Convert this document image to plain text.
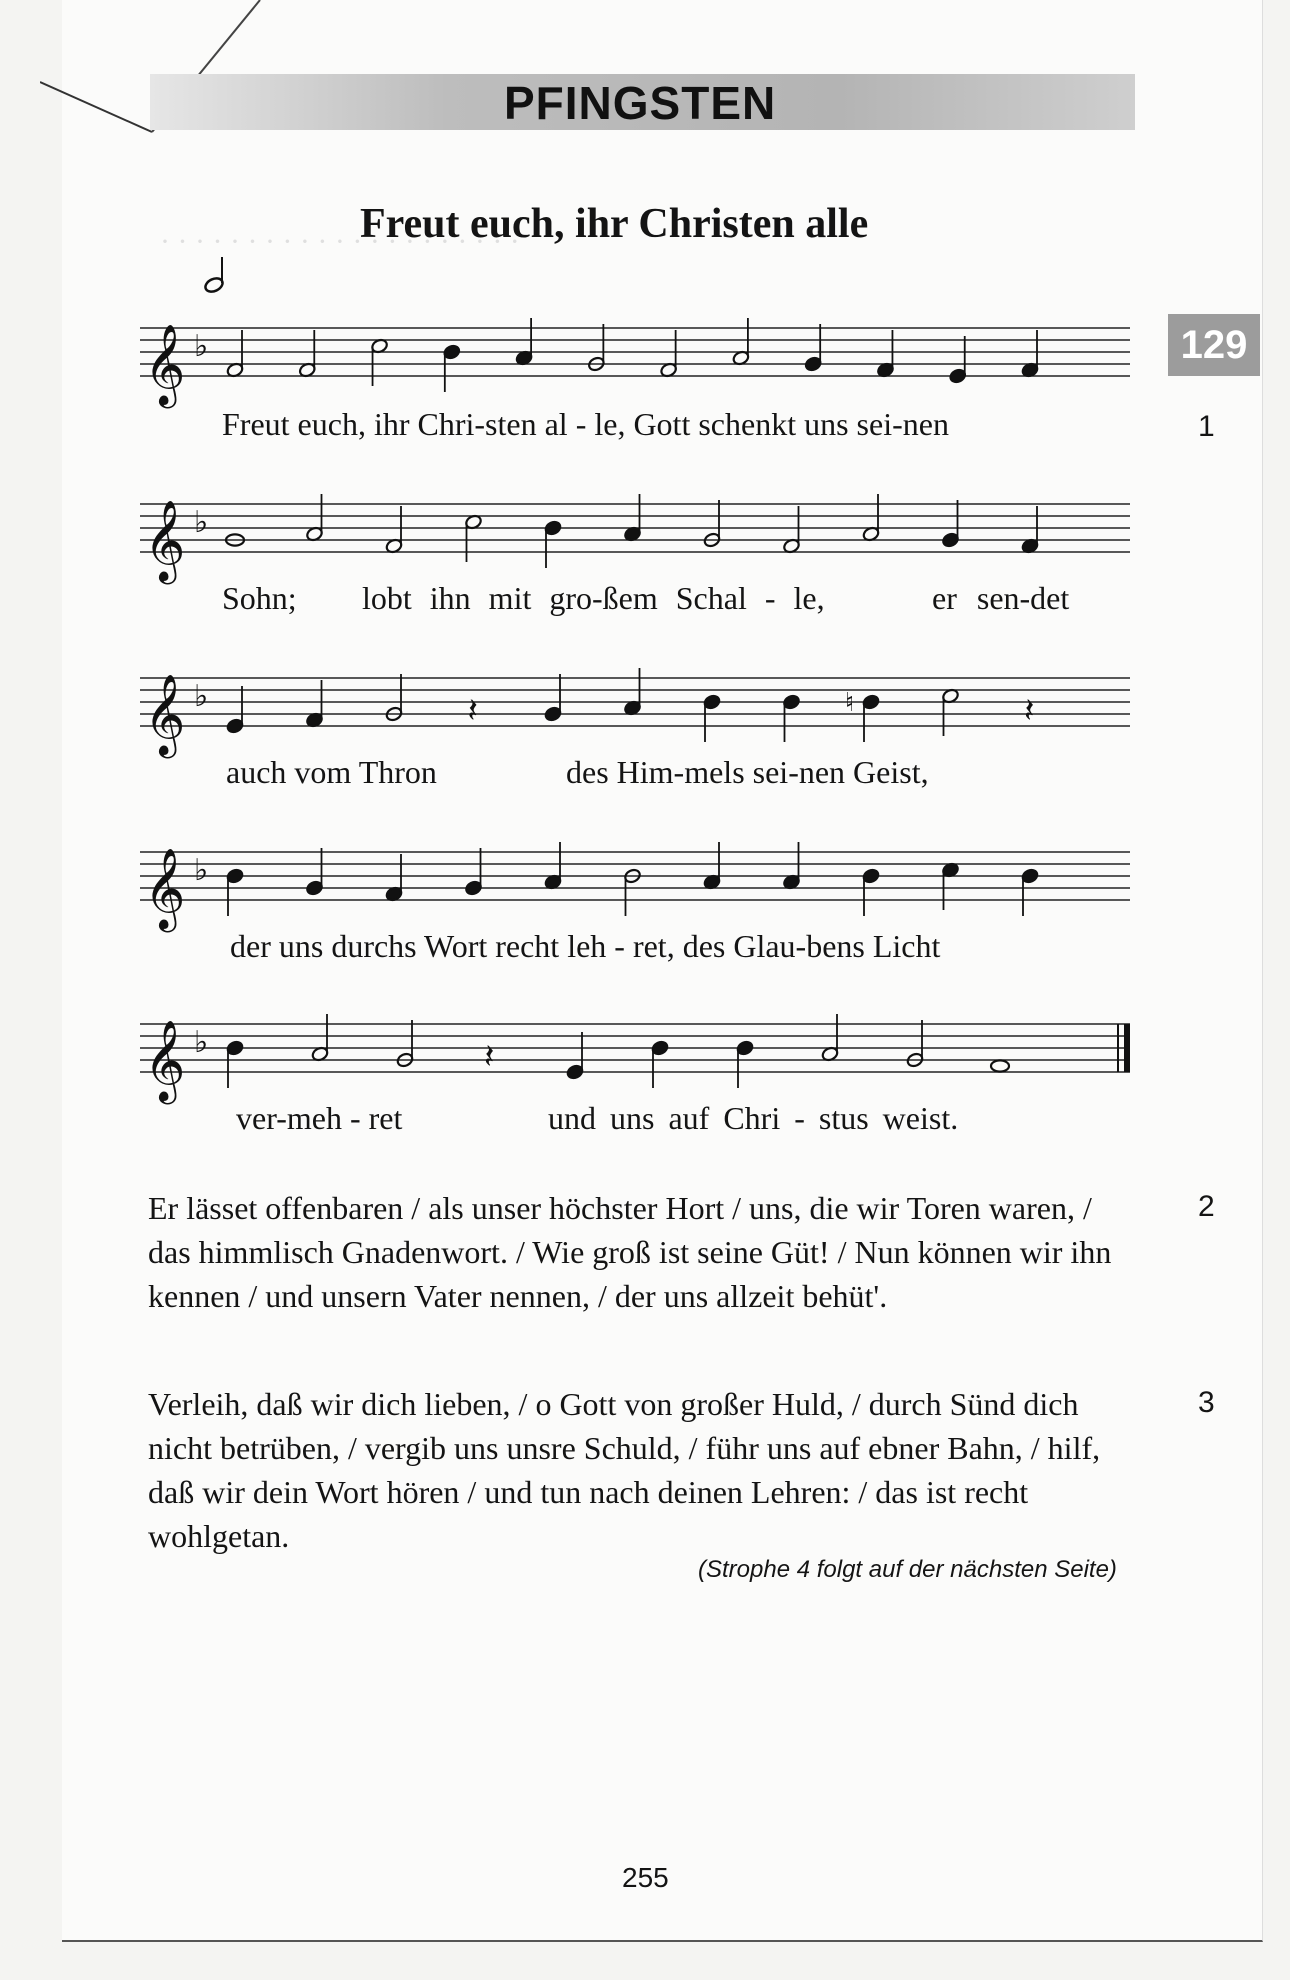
· · · · · · · · · · · · · · · · · · · · ·
PFINGSTEN
Freut euch, ihr Christen alle
129
𝄞 ♭
𝄞 ♭
𝄞 ♭	𝄽	♮	𝄽
𝄞 ♭
𝄞 ♭	𝄽
Freut euch, ihr Chri-sten al - le, Gott schenkt uns sei-nen	1
Sohn; lobt ihn mit gro-ßem Schal - le,	er sen-det
auch vom Thron	des Him-mels sei-nen Geist,
der uns durchs Wort recht leh - ret, des Glau-bens Licht
ver-meh - ret	und uns auf Chri - stus weist.
2
Er lässet offenbaren / als unser höchster Hort / uns, die wir Toren waren, / das himmlisch Gnadenwort. / Wie groß ist seine Güt! / Nun können wir ihn kennen / und unsern Vater nennen, / der uns allzeit behüt'.
3
Verleih, daß wir dich lieben, / o Gott von großer Huld, / durch Sünd dich nicht betrüben, / vergib uns unsre Schuld, / führ uns auf ebner Bahn, / hilf, daß wir dein Wort hören / und tun nach deinen Lehren: / das ist recht wohlgetan.
(Strophe 4 folgt auf der nächsten Seite)
255
